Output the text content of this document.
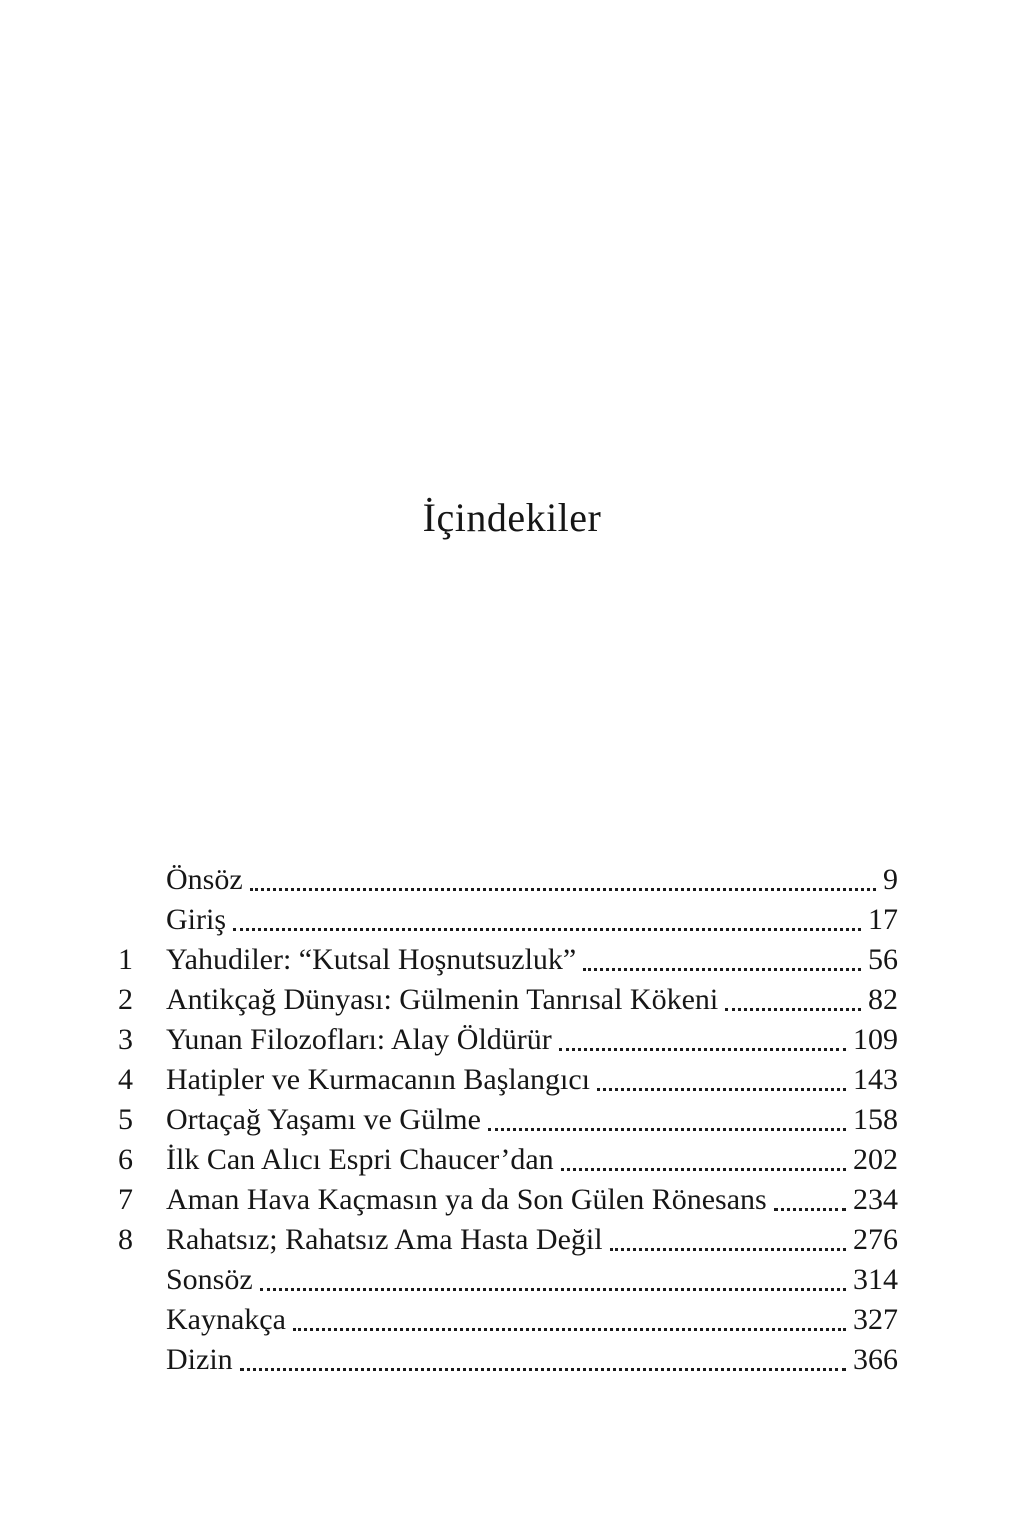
İçindekiler
Önsöz	9
Giriş	17
1	Yahudiler: “Kutsal Hoşnutsuzluk”	56
2	Antikçağ Dünyası: Gülmenin Tanrısal Kökeni	82
3	Yunan Filozofları: Alay Öldürür	109
4	Hatipler ve Kurmacanın Başlangıcı	143
5	Ortaçağ Yaşamı ve Gülme	158
6	İlk Can Alıcı Espri Chaucer’dan	202
7	Aman Hava Kaçmasın ya da Son Gülen Rönesans	234
8	Rahatsız; Rahatsız Ama Hasta Değil	276
Sonsöz	314
Kaynakça	327
Dizin	366
